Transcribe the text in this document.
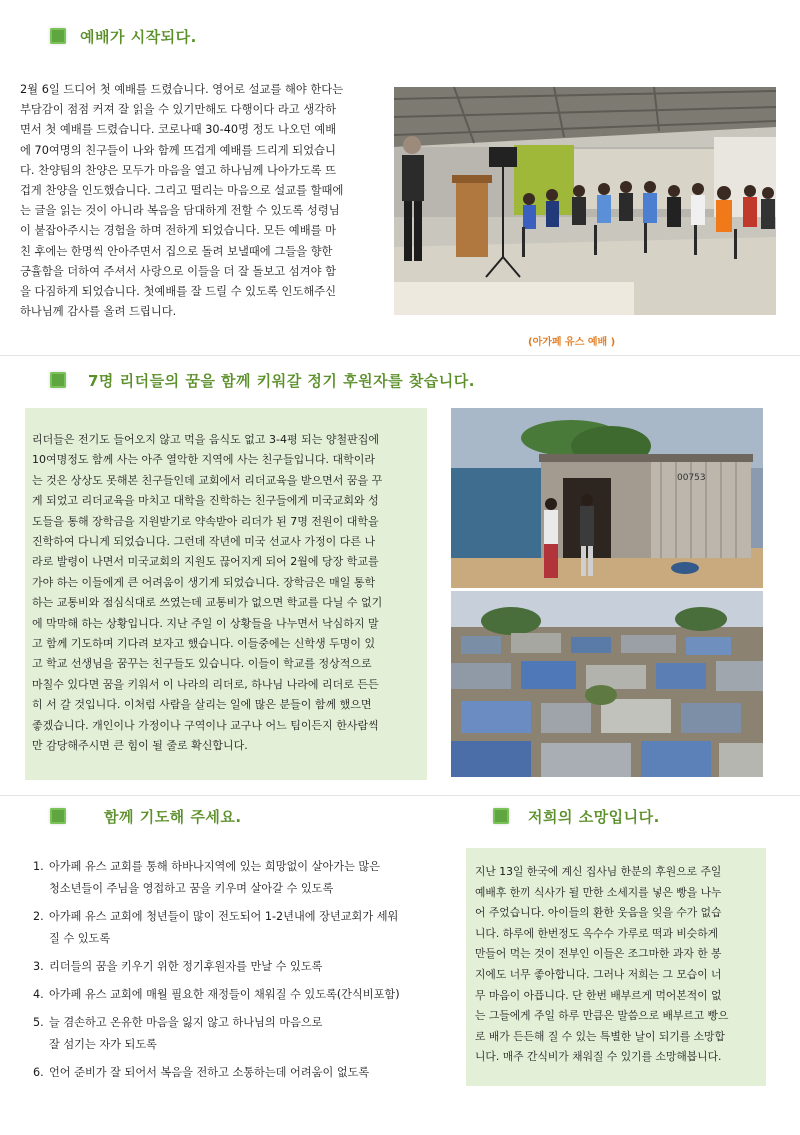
예배가 시작되다.
2월 6일 드디어 첫 예배를 드렸습니다. 영어로 설교를 해야 한다는
부담감이 점점 커져 잘 읽을 수 있기만해도 다행이다 라고 생각하
면서 첫 예배를 드렸습니다. 코로나때 30-40명 정도 나오던 예배
에 70여명의 친구들이 나와 함께 뜨겁게 예배를 드리게 되었습니
다. 찬양팀의 찬양은 모두가 마음을 열고 하나님께 나아가도록 뜨
겁게 찬양을 인도했습니다. 그리고 떨리는 마음으로 설교를 할때에
는 글을 읽는 것이 아니라 복음을 담대하게 전할 수 있도록 성령님
이 붙잡아주시는 경험을 하며 전하게 되었습니다. 모든 예배를 마
친 후에는 한명씩 안아주면서 집으로 돌려 보낼때에 그들을 향한
긍휼함을 더하여 주셔서 사랑으로 이들을 더 잘 돌보고 섬겨야 함
을 다짐하게 되었습니다. 첫예배를 잘 드릴 수 있도록 인도해주신
하나님께 감사를 올려 드립니다.
(아가페 유스 예배 )
7명 리더들의 꿈을 함께 키워갈 정기 후원자를 찾습니다.
리더들은 전기도 들어오지 않고 먹을 음식도 없고 3-4평 되는 양철판집에
10여명정도 함께 사는 아주 열악한 지역에 사는 친구들입니다. 대학이라
는 것은 상상도 못해본 친구들인데 교회에서 리더교육을 받으면서 꿈을 꾸
게 되었고 리더교육을 마치고 대학을 진학하는 친구들에게 미국교회와 성
도들을 통해 장학금을 지원받기로 약속받아 리더가 된 7명 전원이 대학을
진학하여 다니게 되었습니다. 그런데 작년에 미국 선교사 가정이 다른 나
라로 발령이 나면서 미국교회의 지원도 끊어지게 되어 2월에 당장 학교를
가야 하는 이들에게 큰 어려움이 생기게 되었습니다. 장학금은 매일 통학
하는 교통비와 점심식대로 쓰였는데 교통비가 없으면 학교를 다닐 수 없기
에 막막해 하는 상황입니다. 지난 주일 이 상황들을 나누면서 낙심하지 말
고 함께 기도하며 기다려 보자고 했습니다. 이들중에는 신학생 두명이 있
고 학교 선생님을 꿈꾸는 친구들도 있습니다. 이들이 학교를 정상적으로
마칠수 있다면 꿈을 키워서 이 나라의 리더로, 하나님 나라에 리더로 든든
히 서 갈 것입니다. 이처럼 사람을 살리는 일에 많은 분들이 함께 했으면
좋겠습니다. 개인이나 가정이나 구역이나 교구나 어느 팀이든지 한사람씩
만 감당해주시면 큰 힘이 될 줄로 확신합니다.
00753
함께 기도해 주세요.
1. 아가페 유스 교회를 통해 하바나지역에 있는 희망없이 살아가는 많은
청소년들이 주님을 영접하고 꿈을 키우며 살아갈 수 있도록
2. 아가페 유스 교회에 청년들이 많이 전도되어 1-2년내에 장년교회가 세워
질 수 있도록
3. 리더들의 꿈을 키우기 위한 정기후원자를 만날 수 있도록
4. 아가페 유스 교회에 매월 필요한 재정들이 채워질 수 있도록(간식비포함)
5. 늘 겸손하고 온유한 마음을 잃지 않고 하나님의 마음으로
잘 섬기는 자가 되도록
6. 언어 준비가 잘 되어서 복음을 전하고 소통하는데 어려움이 없도록
저희의 소망입니다.
지난 13일 한국에 계신 집사님 한분의 후원으로 주일
예배후 한끼 식사가 될 만한 소세지를 넣은 빵을 나누
어 주었습니다. 아이들의 환한 웃음을 잊을 수가 없습
니다. 하루에 한번정도 옥수수 가루로 떡과 비슷하게
만들어 먹는 것이 전부인 이들은 조그마한 과자 한 봉
지에도 너무 좋아합니다. 그러나 저희는 그 모습이 너
무 마음이 아픕니다. 단 한번 배부르게 먹어본적이 없
는 그들에게 주일 하루 만큼은 말씀으로 배부르고 빵으
로 배가 든든해 질 수 있는 특별한 날이 되기를 소망합
니다. 매주 간식비가 채워질 수 있기를 소망해봅니다.
